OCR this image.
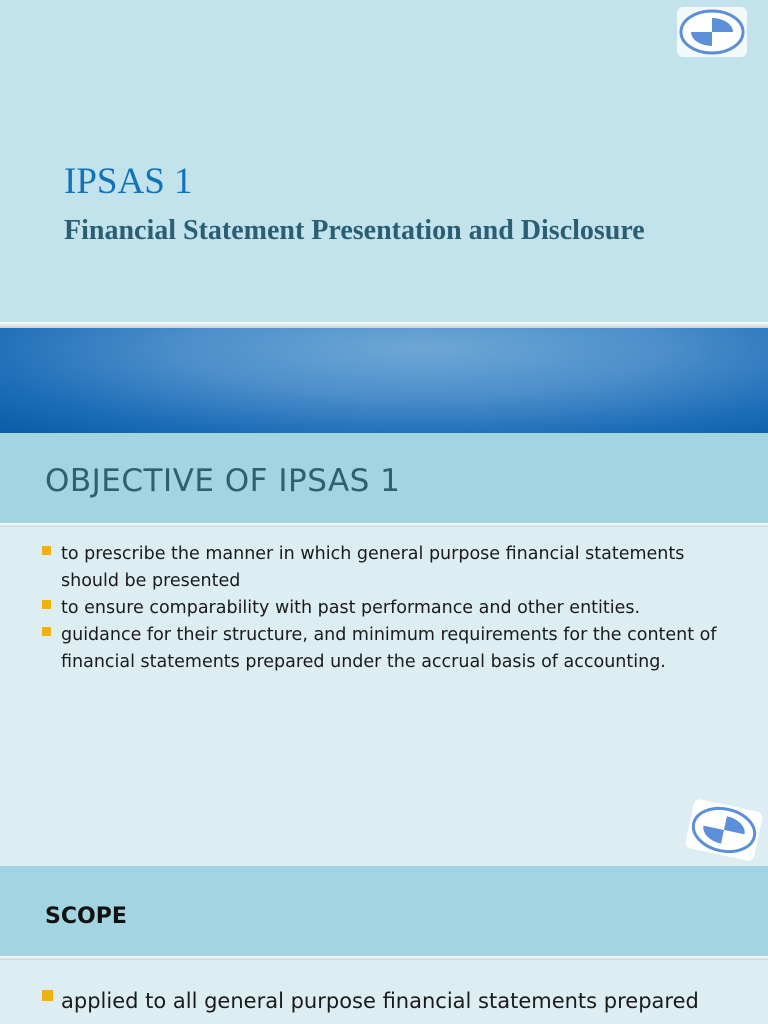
IPSAS 1
Financial Statement Presentation and Disclosure
OBJECTIVE OF IPSAS 1
to prescribe the manner in which general purpose financial statements should be presented
to ensure comparability with past performance and other entities.
guidance for their structure, and minimum requirements for the content of financial statements prepared under the accrual basis of accounting.
SCOPE
applied to all general purpose financial statements prepared
